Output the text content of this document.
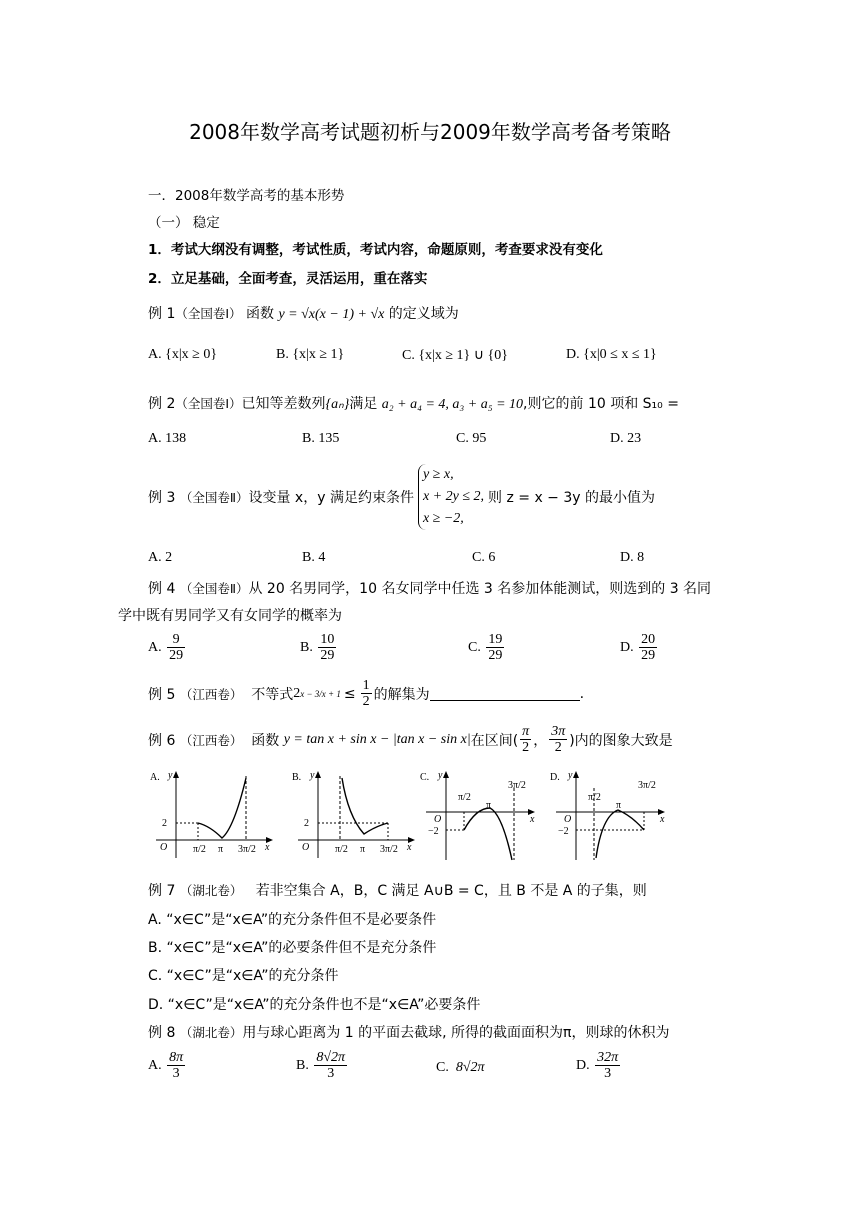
2008年数学高考试题初析与2009年数学高考备考策略
一．2008年数学高考的基本形势
（一） 稳定
1．考试大纲没有调整，考试性质，考试内容，命题原则，考查要求没有变化
2．立足基础，全面考查，灵活运用，重在落实
例 1（全国卷Ⅰ） 函数 y = √x(x − 1) + √x 的定义域为
A. {x|x ≥ 0}	B. {x|x ≥ 1}	C. {x|x ≥ 1} ∪ {0}	D. {x|0 ≤ x ≤ 1}
例 2（全国卷Ⅰ）已知等差数列{aₙ}满足 a₂ + a₄ = 4, a₃ + a₅ = 10,则它的前 10 项和 S₁₀ =
A. 138	B. 135	C. 95	D. 23
例 3
（全国卷Ⅱ） 设变量 x，y 满足约束条件
y ≥ x,
x + 2y ≤ 2,
x ≥ −2,
则 z = x − 3y 的最小值为
A. 2	B. 4	C. 6	D. 8
例 4 （全国卷Ⅱ）从 20 名男同学，10 名女同学中任选 3 名参加体能测试，则选到的 3 名同
学中既有男同学又有女同学的概率为
A. $\frac{9}{29}$	B. $\frac{10}{29}$	C. $\frac{19}{29}$	D. $\frac{20}{29}$
例 5
（江西卷）
不等式 2 $x - 3/x + 1 \le \frac{1}{2}$ 的解集为	.
例 6
（江西卷）
函数
y = tan x + sin x − |tan x − sin x| 在区间( $\frac{\pi}{2}$ ， $\frac{3\pi}{2}$ )内的图象大致是
A. y
x
O
2
π/2 π 3π/2
B. y
x
O
2
π/2 π 3π/2
C. y
x
O
−2
π/2
π
3π/2
D. y
x
O
−2
π/2
π
3π/2
例 7 （湖北卷） 若非空集合 A，B，C 满足 A∪B = C，且 B 不是 A 的子集，则
A. “x∈C”是“x∈A”的充分条件但不是必要条件
B. “x∈C”是“x∈A”的必要条件但不是充分条件
C. “x∈C”是“x∈A”的充分条件
D. “x∈C”是“x∈A”的充分条件也不是“x∈A”必要条件
例 8 （湖北卷）用与球心距离为 1 的平面去截球, 所得的截面面积为π，则球的休积为
A. $\frac{8\pi}{3}$	B. $\frac{8√2\pi}{3}$	C. 8√2π	D. $\frac{32\pi}{3}$
